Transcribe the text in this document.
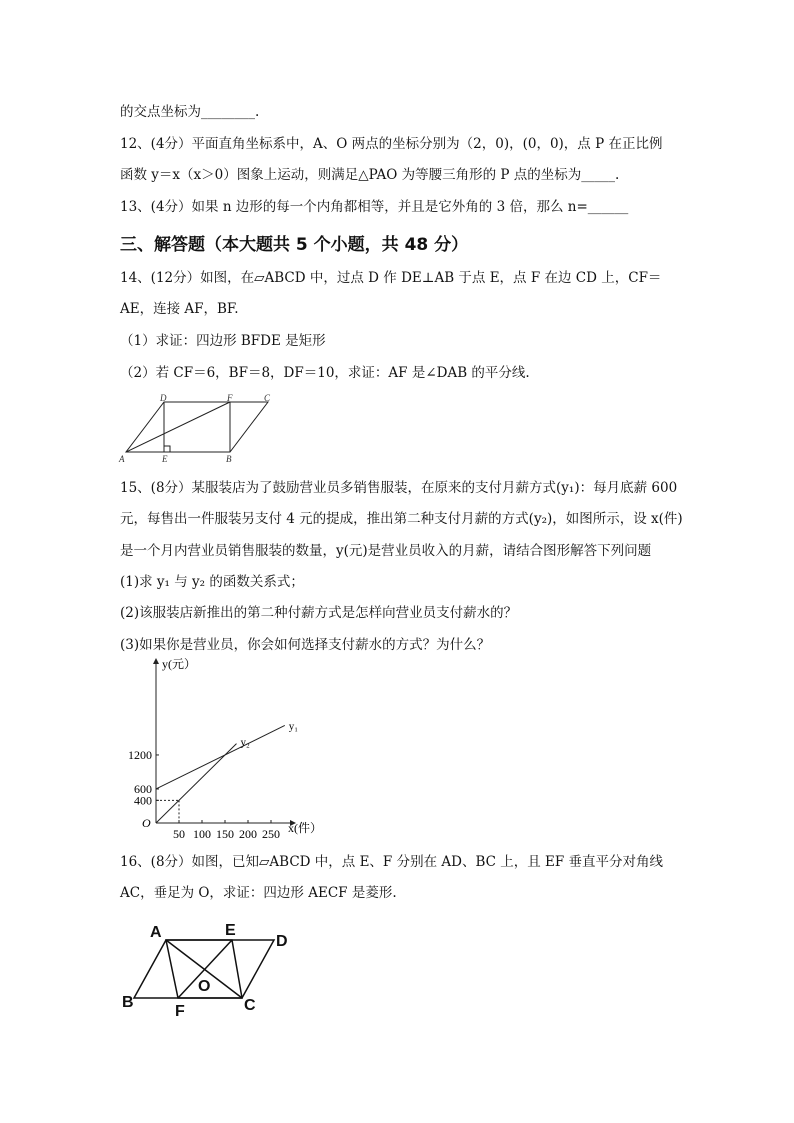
的交点坐标为________.
12、(4分）平面直角坐标系中，A、O 两点的坐标分别为（2，0)，(0，0)，点 P 在正比例
函数 y＝x（x＞0）图象上运动，则满足△PAO 为等腰三角形的 P 点的坐标为_____.
13、(4分）如果 n 边形的每一个内角都相等，并且是它外角的 3 倍，那么 n=______
三、解答题（本大题共 5 个小题，共 48 分）
14、(12分）如图，在▱ABCD 中，过点 D 作 DE⊥AB 于点 E，点 F 在边 CD 上，CF＝
AE，连接 AF，BF.
（1）求证：四边形 BFDE 是矩形
（2）若 CF＝6，BF＝8，DF＝10，求证：AF 是∠DAB 的平分线.
A	E	B
D	F	C
15、(8分）某服装店为了鼓励营业员多销售服装，在原来的支付月薪方式(y₁)：每月底薪 600
元，每售出一件服装另支付 4 元的提成，推出第二种支付月薪的方式(y₂)，如图所示，设 x(件)
是一个月内营业员销售服装的数量，y(元)是营业员收入的月薪，请结合图形解答下列问题
(1)求 y₁ 与 y₂ 的函数关系式；
(2)该服装店新推出的第二种付薪方式是怎样向营业员支付薪水的？
(3)如果你是营业员，你会如何选择支付薪水的方式？为什么？
y(元）
x(件）
O
400
600
1200
50 100 150 200 250
y₁
y₂
16、(8分）如图，已知▱ABCD 中，点 E、F 分别在 AD、BC 上，且 EF 垂直平分对角线
AC，垂足为 O，求证：四边形 AECF 是菱形.
A	E
D
B
F	C
O
